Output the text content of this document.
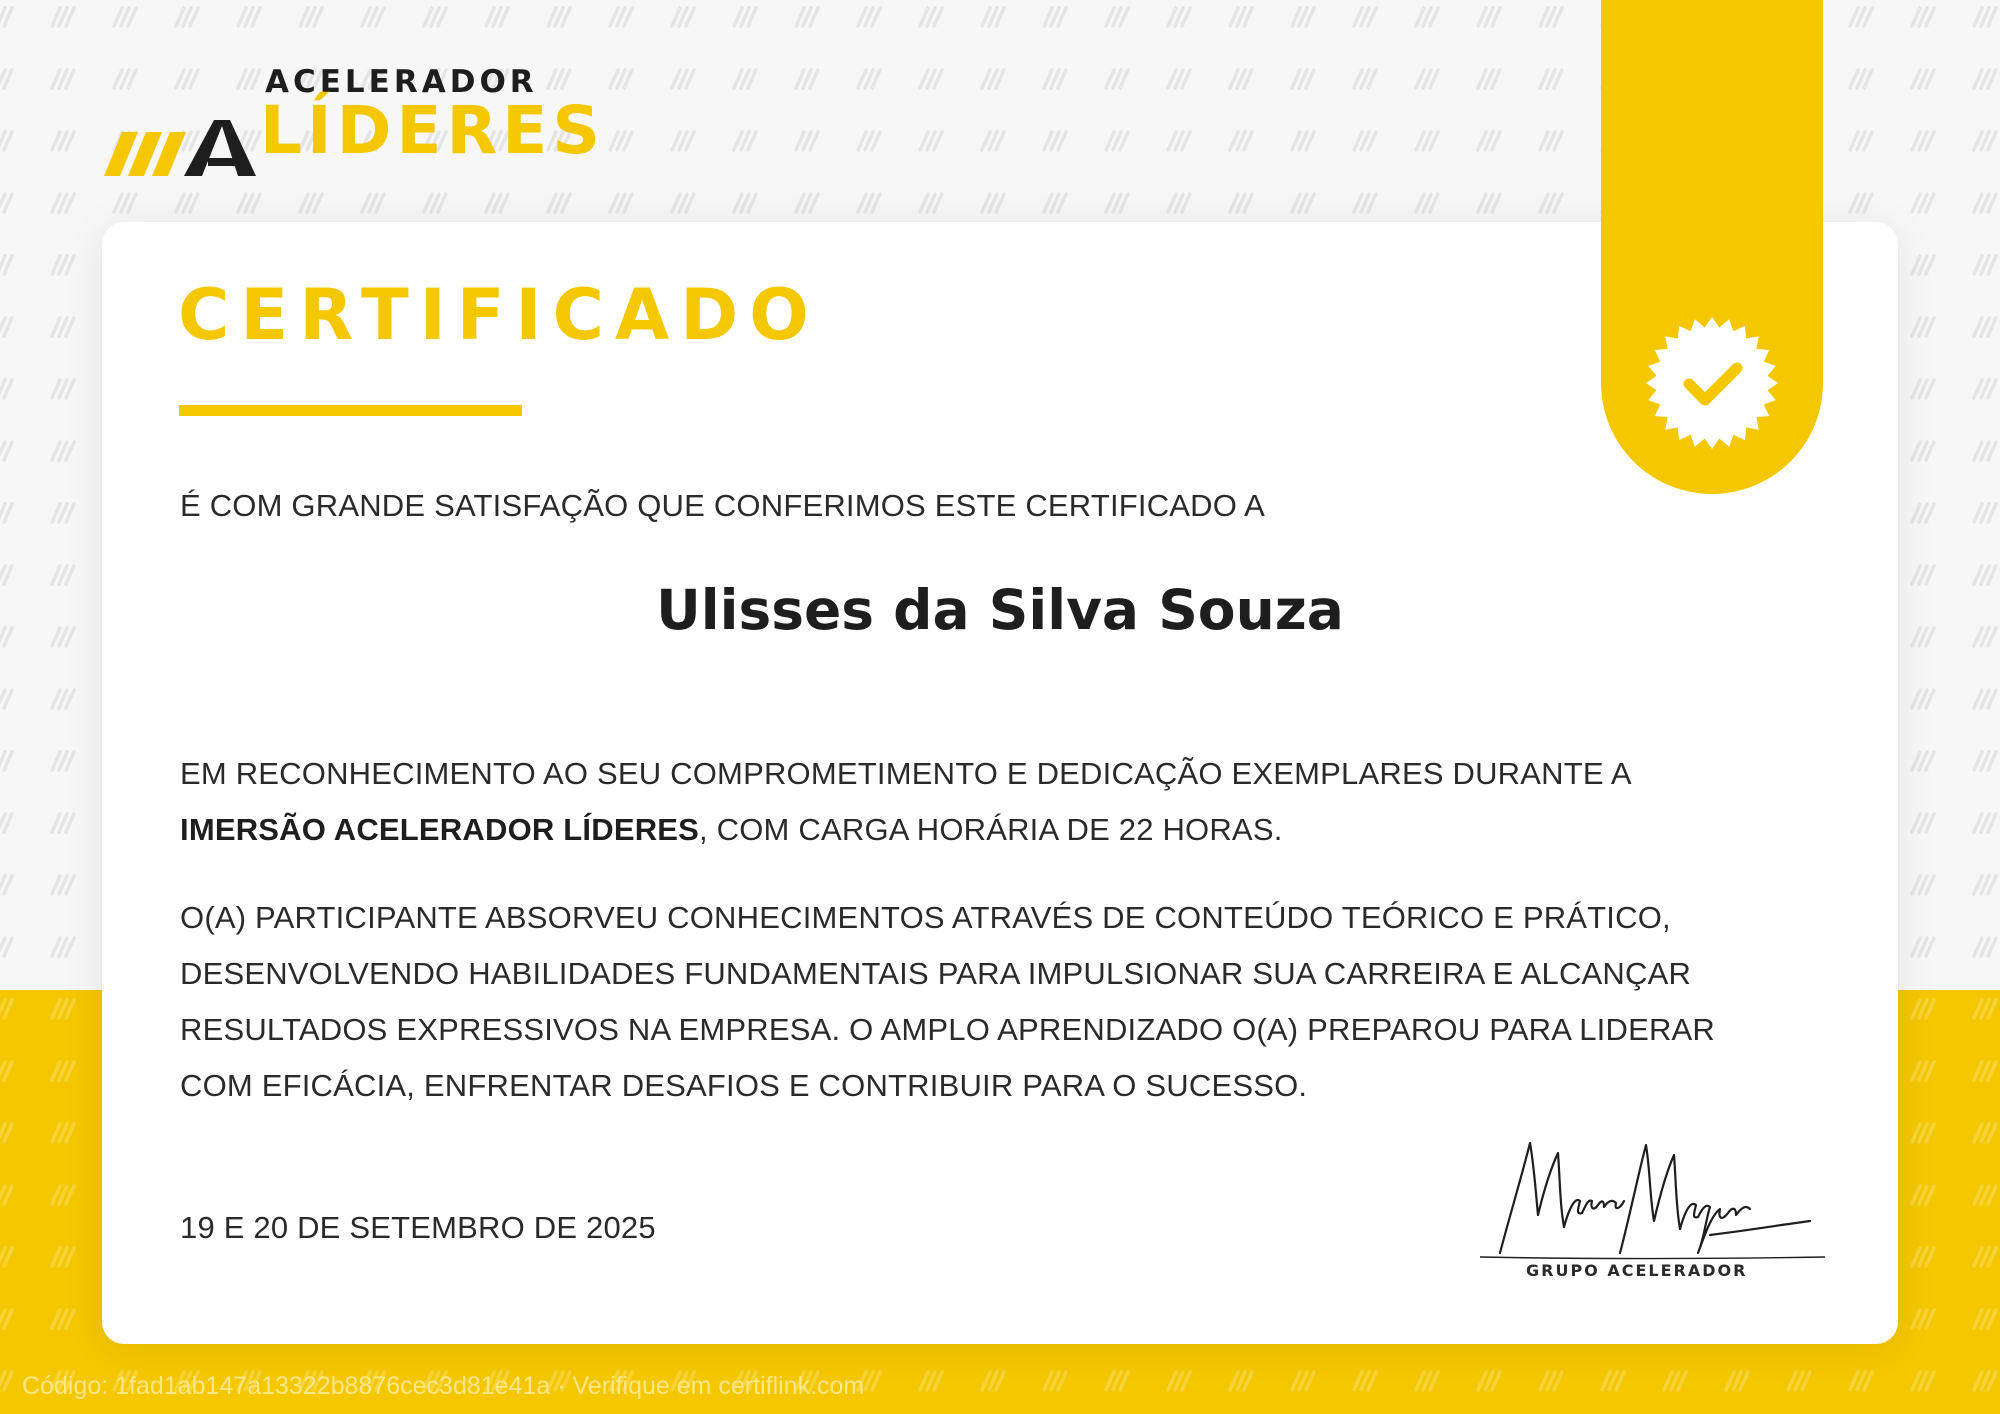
ACELERADOR
LÍDERES
CERTIFICADO
É COM GRANDE SATISFAÇÃO QUE CONFERIMOS ESTE CERTIFICADO A
Ulisses da Silva Souza
EM RECONHECIMENTO AO SEU COMPROMETIMENTO E DEDICAÇÃO EXEMPLARES DURANTE A
IMERSÃO ACELERADOR LÍDERES, COM CARGA HORÁRIA DE 22 HORAS.
O(A) PARTICIPANTE ABSORVEU CONHECIMENTOS ATRAVÉS DE CONTEÚDO TEÓRICO E PRÁTICO,
DESENVOLVENDO HABILIDADES FUNDAMENTAIS PARA IMPULSIONAR SUA CARREIRA E ALCANÇAR
RESULTADOS EXPRESSIVOS NA EMPRESA. O AMPLO APRENDIZADO O(A) PREPAROU PARA LIDERAR
COM EFICÁCIA, ENFRENTAR DESAFIOS E CONTRIBUIR PARA O SUCESSO.
19 E 20 DE SETEMBRO DE 2025
GRUPO ACELERADOR
Código: 1fad1ab147a13322b8876cec3d81e41a · Verifique em certiflink.com
